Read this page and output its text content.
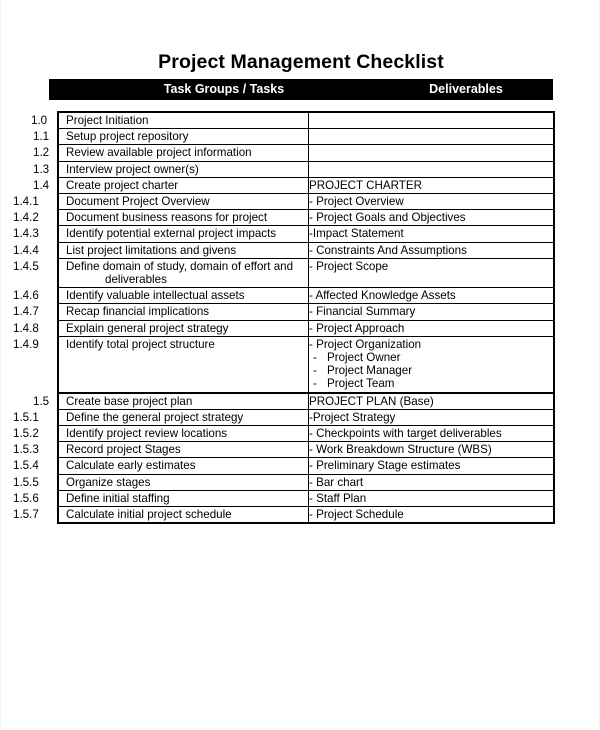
Project Management Checklist
Task Groups / Tasks	Deliverables
1.0 Project Initiation	

1.1 Setup project repository	

1.2 Review available project information	

1.3 Interview project owner(s)	

1.4 Create project charter	PROJECT CHARTER

1.4.1 Document Project Overview	- Project Overview

1.4.2 Document business reasons for project	- Project Goals and Objectives

1.4.3 Identify potential external project impacts	-Impact Statement

1.4.4 List project limitations and givens	- Constraints And Assumptions

1.4.5 Define domain of study, domain of effort and deliverables	- Project Scope

1.4.6 Identify valuable intellectual assets	- Affected Knowledge Assets

1.4.7 Recap financial implications	- Financial Summary

1.4.8 Explain general project strategy	- Project Approach

1.4.9 Identify total project structure	- Project Organization
- Project Owner
- Project Manager
- Project Team

1.5 Create base project plan	PROJECT PLAN (Base)

1.5.1 Define the general project strategy	-Project Strategy

1.5.2 Identify project review locations	- Checkpoints with target deliverables

1.5.3 Record project Stages	- Work Breakdown Structure (WBS)

1.5.4 Calculate early estimates	- Preliminary Stage estimates

1.5.5 Organize stages	- Bar chart

1.5.6 Define initial staffing	- Staff Plan

1.5.7 Calculate initial project schedule	- Project Schedule
